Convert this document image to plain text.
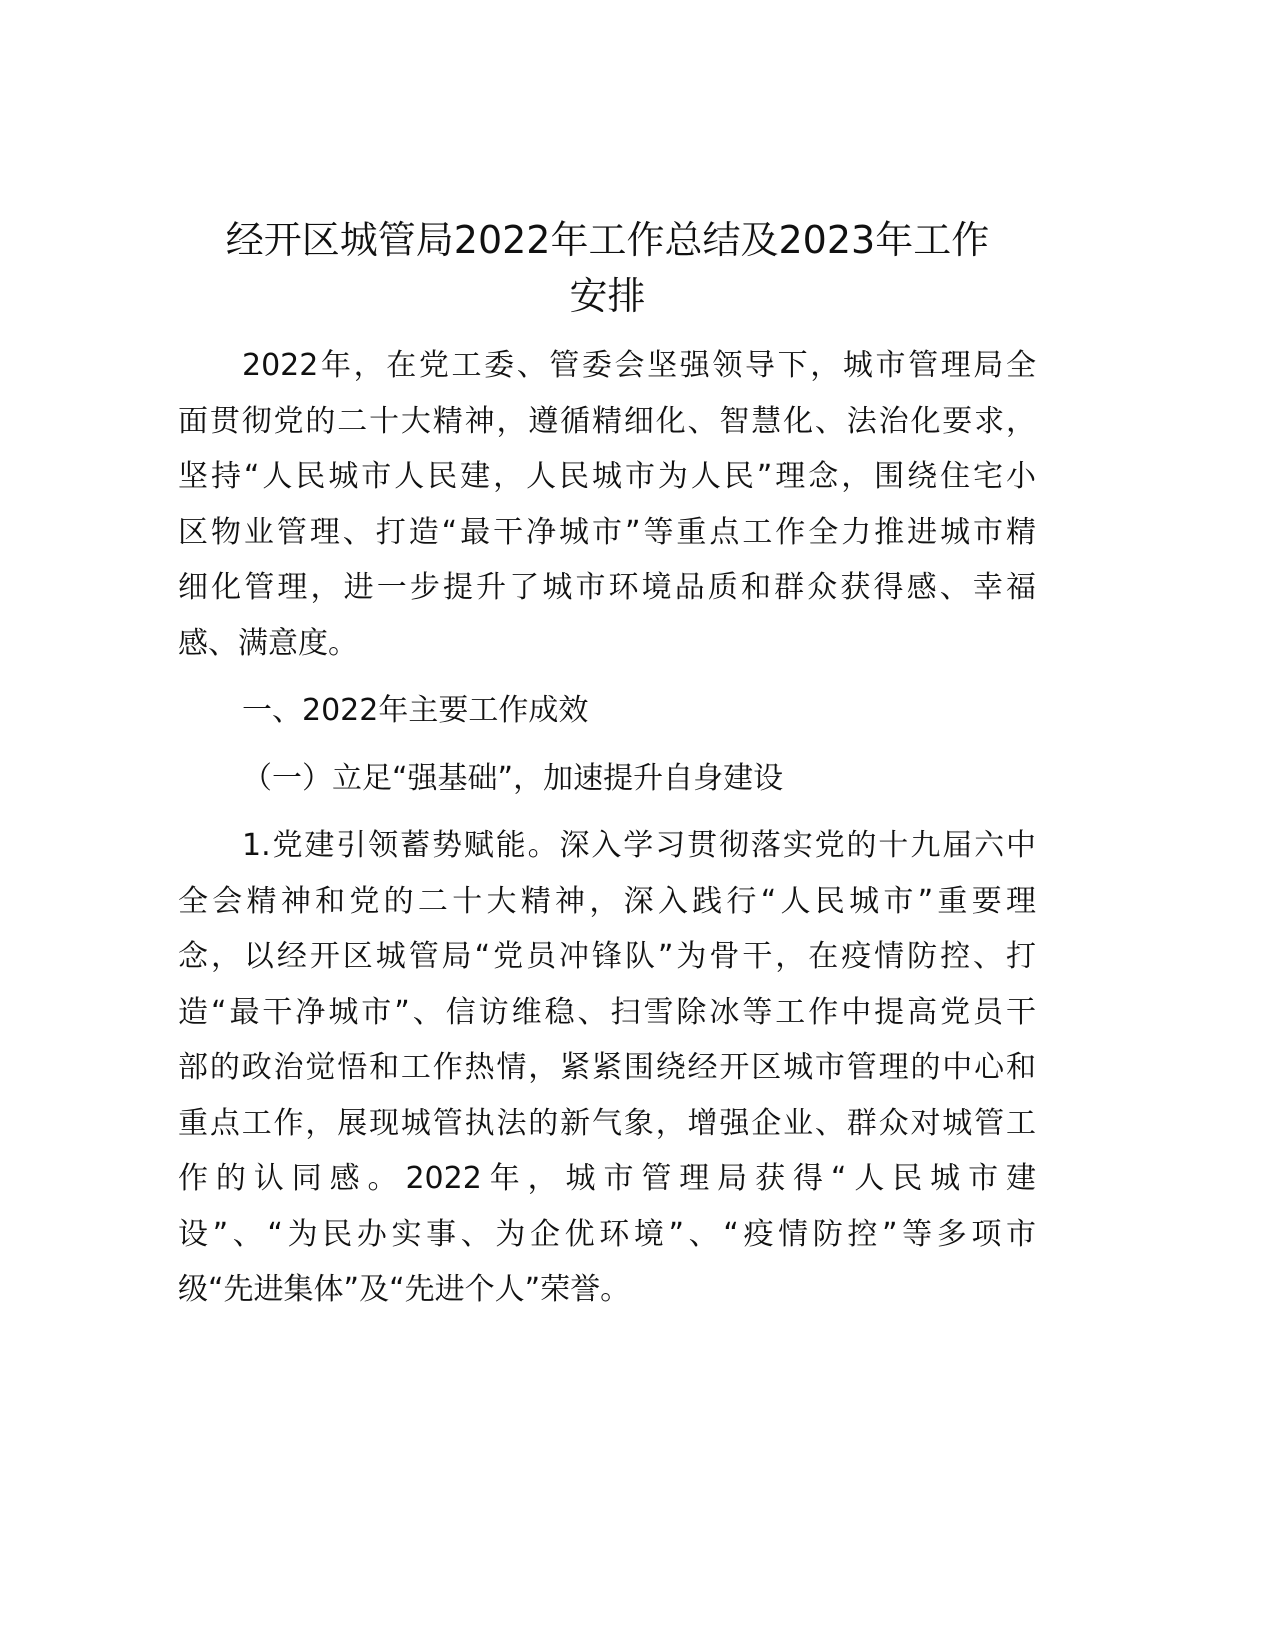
经开区城管局2022年工作总结及2023年工作
安排
2022年，在党工委、管委会坚强领导下，城市管理局全
面贯彻党的二十大精神，遵循精细化、智慧化、法治化要求，
坚持“人民城市人民建，人民城市为人民”理念，围绕住宅小
区物业管理、打造“最干净城市”等重点工作全力推进城市精
细化管理，进一步提升了城市环境品质和群众获得感、幸福
感、满意度。
一、2022年主要工作成效
（一）立足“强基础”，加速提升自身建设
1.党建引领蓄势赋能。深入学习贯彻落实党的十九届六中
全会精神和党的二十大精神，深入践行“人民城市”重要理
念，以经开区城管局“党员冲锋队”为骨干，在疫情防控、打
造“最干净城市”、信访维稳、扫雪除冰等工作中提高党员干
部的政治觉悟和工作热情，紧紧围绕经开区城市管理的中心和
重点工作，展现城管执法的新气象，增强企业、群众对城管工
作的认同感。2022年，城市管理局获得“人民城市建
设”、“为民办实事、为企优环境”、“疫情防控”等多项市
级“先进集体”及“先进个人”荣誉。
